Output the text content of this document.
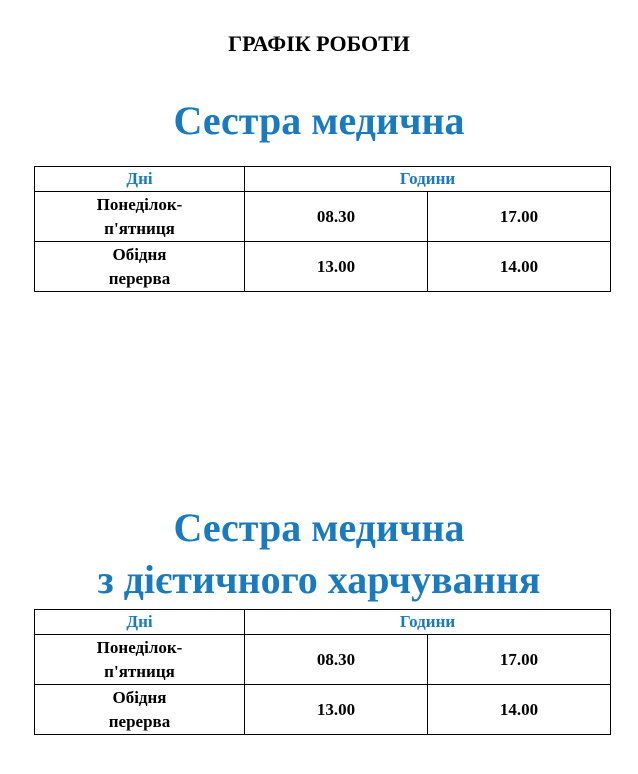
ГРАФІК РОБОТИ
Сестра медична
Дні	Години	

Понеділок-
п'ятниця	08.30	17.00

Обідня
перерва	13.00	14.00
Сестра медична
з дієтичного харчування
Дні	Години	

Понеділок-
п'ятниця	08.30	17.00

Обідня
перерва	13.00	14.00
